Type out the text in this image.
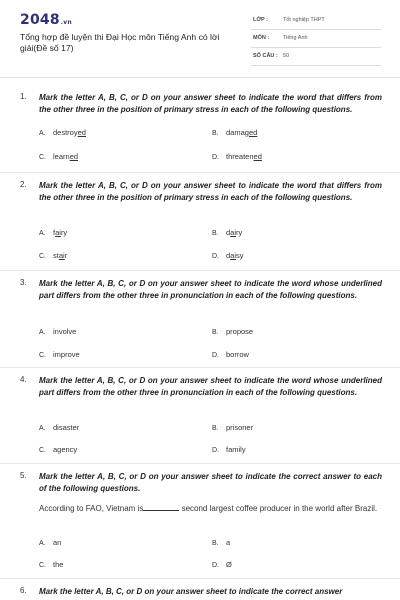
2048.vn
Tổng hợp đề luyện thi Đại Học môn Tiếng Anh có lời giải(Đề số 17)
LỚP :	Tốt nghiệp THPT
MÔN :	Tiếng Anh
SỐ CÂU : 50
1. Mark the letter A, B, C, or D on your answer sheet to indicate the word that differs from the other three in the position of primary stress in each of the following questions.
A. destroyed	B. damaged
C. learned	D. threatened
2. Mark the letter A, B, C, or D on your answer sheet to indicate the word that differs from the other three in the position of primary stress in each of the following questions.
A. fairy	B. dairy
C. stair	D. daisy
3. Mark the letter A, B, C, or D on your answer sheet to indicate the word whose underlined part differs from the other three in pronunciation in each of the following questions.
A. involve	B. propose
C. improve	D. borrow
4. Mark the letter A, B, C, or D on your answer sheet to indicate the word whose underlined part differs from the other three in pronunciation in each of the following questions.
A. disaster	B. prisoner
C. agency	D. family
5. Mark the letter A, B, C, or D on your answer sheet to indicate the correct answer to each of the following questions.
According to FAO, Vietnam is	second largest coffee producer in the world after Brazil.
A. an	B. a
C. the	D. Ø
6. Mark the letter A, B, C, or D on your answer sheet to indicate the correct answer
